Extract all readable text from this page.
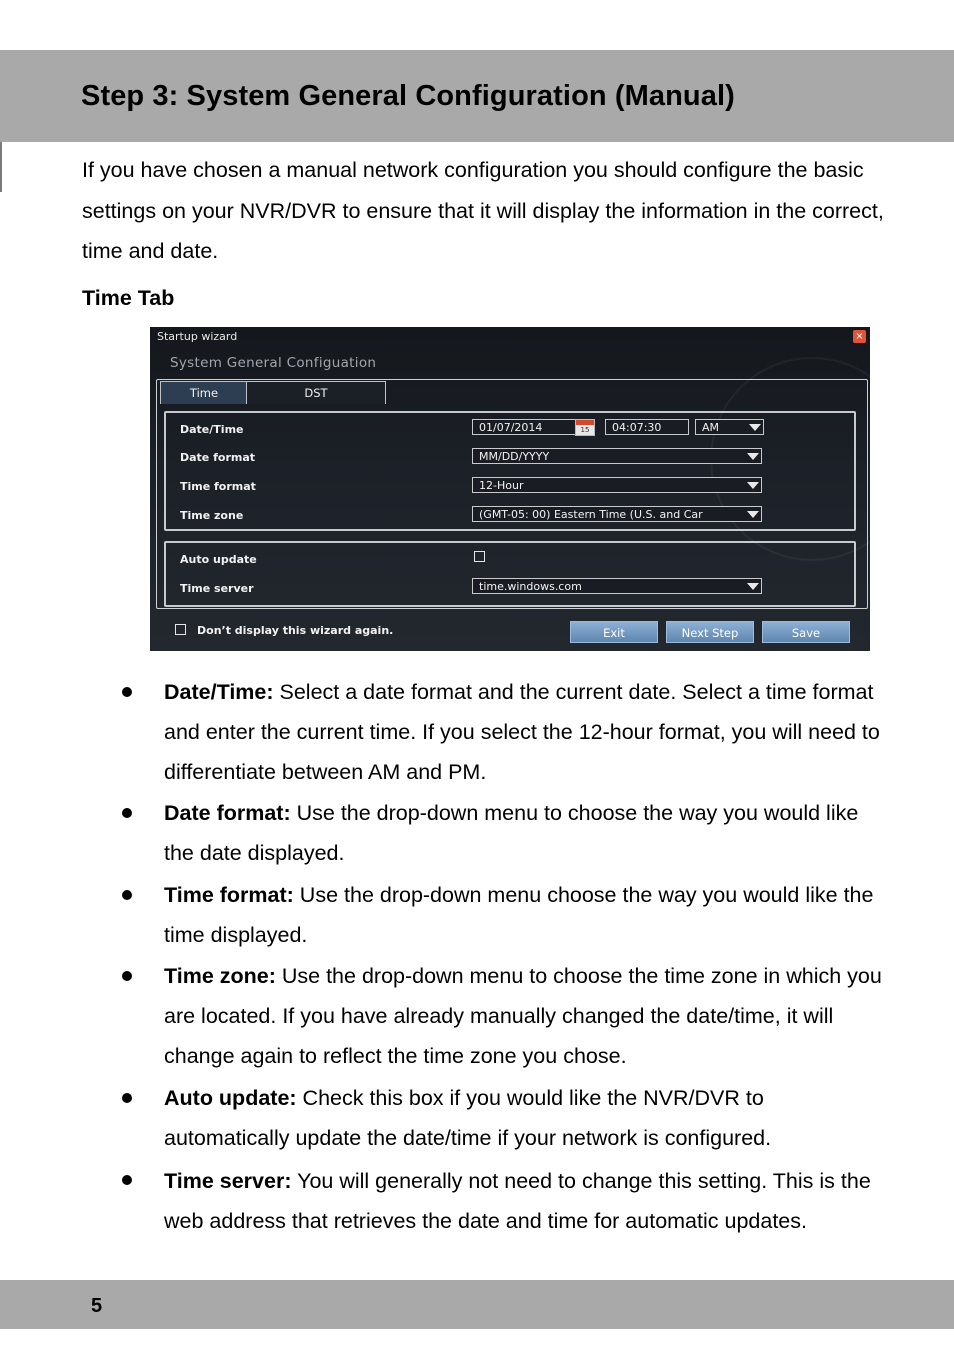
Step 3: System General Configuration (Manual)

If you have chosen a manual network configuration you should configure the basic settings on your NVR/DVR to ensure that it will display the information in the correct, time and date.

Time Tab

Startup wizard	×
System General Configuation
Time	DST
Date/Time	01/07/2014	15	04:07:30	AM
Date format	MM/DD/YYYY
Time format	12-Hour
Time zone	(GMT-05: 00) Eastern Time (U.S. and Car
Auto update
Time server	time.windows.com
Don’t display this wizard again.	Exit	Next Step	Save

Date/Time: Select a date format and the current date. Select a time format and enter the current time. If you select the 12-hour format, you will need to differentiate between AM and PM.

Date format: Use the drop-down menu to choose the way you would like the date displayed.

Time format: Use the drop-down menu choose the way you would like the time displayed.

Time zone: Use the drop-down menu to choose the time zone in which you are located. If you have already manually changed the date/time, it will change again to reflect the time zone you chose.

Auto update: Check this box if you would like the NVR/DVR to automatically update the date/time if your network is configured.

Time server: You will generally not need to change this setting. This is the web address that retrieves the date and time for automatic updates.

5
